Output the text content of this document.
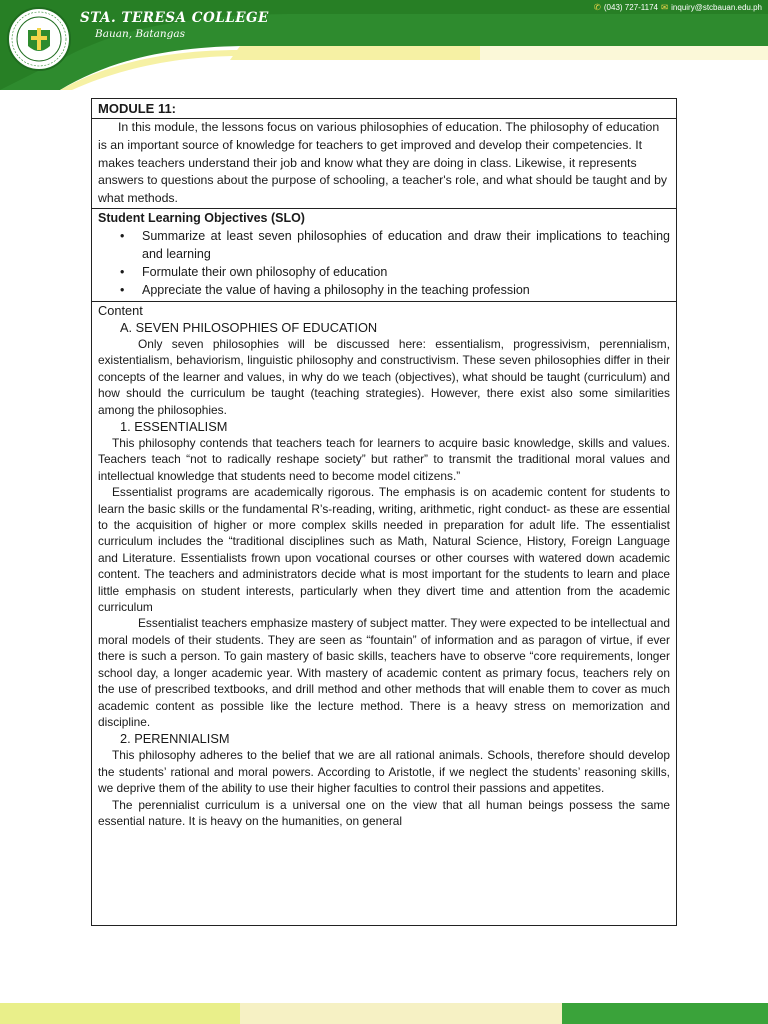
STA. TERESA COLLEGE
Bauan, Batangas
✆ (043) 727-1174 ✉ inquiry@stcbauan.edu.ph
MODULE 11:

In this module, the lessons focus on various philosophies of education. The philosophy of education is an important source of knowledge for teachers to get improved and develop their competencies. It makes teachers understand their job and know what they are doing in class. Likewise, it represents answers to questions about the purpose of schooling, a teacher's role, and what should be taught and by what methods.

Student Learning Objectives (SLO)
• Summarize at least seven philosophies of education and draw their implications to teaching and learning
• Formulate their own philosophy of education
• Appreciate the value of having a philosophy in the teaching profession

Content

A. SEVEN PHILOSOPHIES OF EDUCATION

Only seven philosophies will be discussed here: essentialism, progressivism, perennialism, existentialism, behaviorism, linguistic philosophy and constructivism. These seven philosophies differ in their concepts of the learner and values, in why do we teach (objectives), what should be taught (curriculum) and how should the curriculum be taught (teaching strategies). However, there exist also some similarities among the philosophies.

1. ESSENTIALISM

This philosophy contends that teachers teach for learners to acquire basic knowledge, skills and values. Teachers teach “not to radically reshape society” but rather” to transmit the traditional moral values and intellectual knowledge that students need to become model citizens.”

Essentialist programs are academically rigorous. The emphasis is on academic content for students to learn the basic skills or the fundamental R’s-reading, writing, arithmetic, right conduct- as these are essential to the acquisition of higher or more complex skills needed in preparation for adult life. The essentialist curriculum includes the “traditional disciplines such as Math, Natural Science, History, Foreign Language and Literature. Essentialists frown upon vocational courses or other courses with watered down academic content. The teachers and administrators decide what is most important for the students to learn and place little emphasis on student interests, particularly when they divert time and attention from the academic curriculum

Essentialist teachers emphasize mastery of subject matter. They were expected to be intellectual and moral models of their students. They are seen as “fountain” of information and as paragon of virtue, if ever there is such a person. To gain mastery of basic skills, teachers have to observe “core requirements, longer school day, a longer academic year. With mastery of academic content as primary focus, teachers rely on the use of prescribed textbooks, and drill method and other methods that will enable them to cover as much academic content as possible like the lecture method. There is a heavy stress on memorization and discipline.

2. PERENNIALISM

This philosophy adheres to the belief that we are all rational animals. Schools, therefore should develop the students’ rational and moral powers. According to Aristotle, if we neglect the students’ reasoning skills, we deprive them of the ability to use their higher faculties to control their passions and appetites.

The perennialist curriculum is a universal one on the view that all human beings possess the same essential nature. It is heavy on the humanities, on general
